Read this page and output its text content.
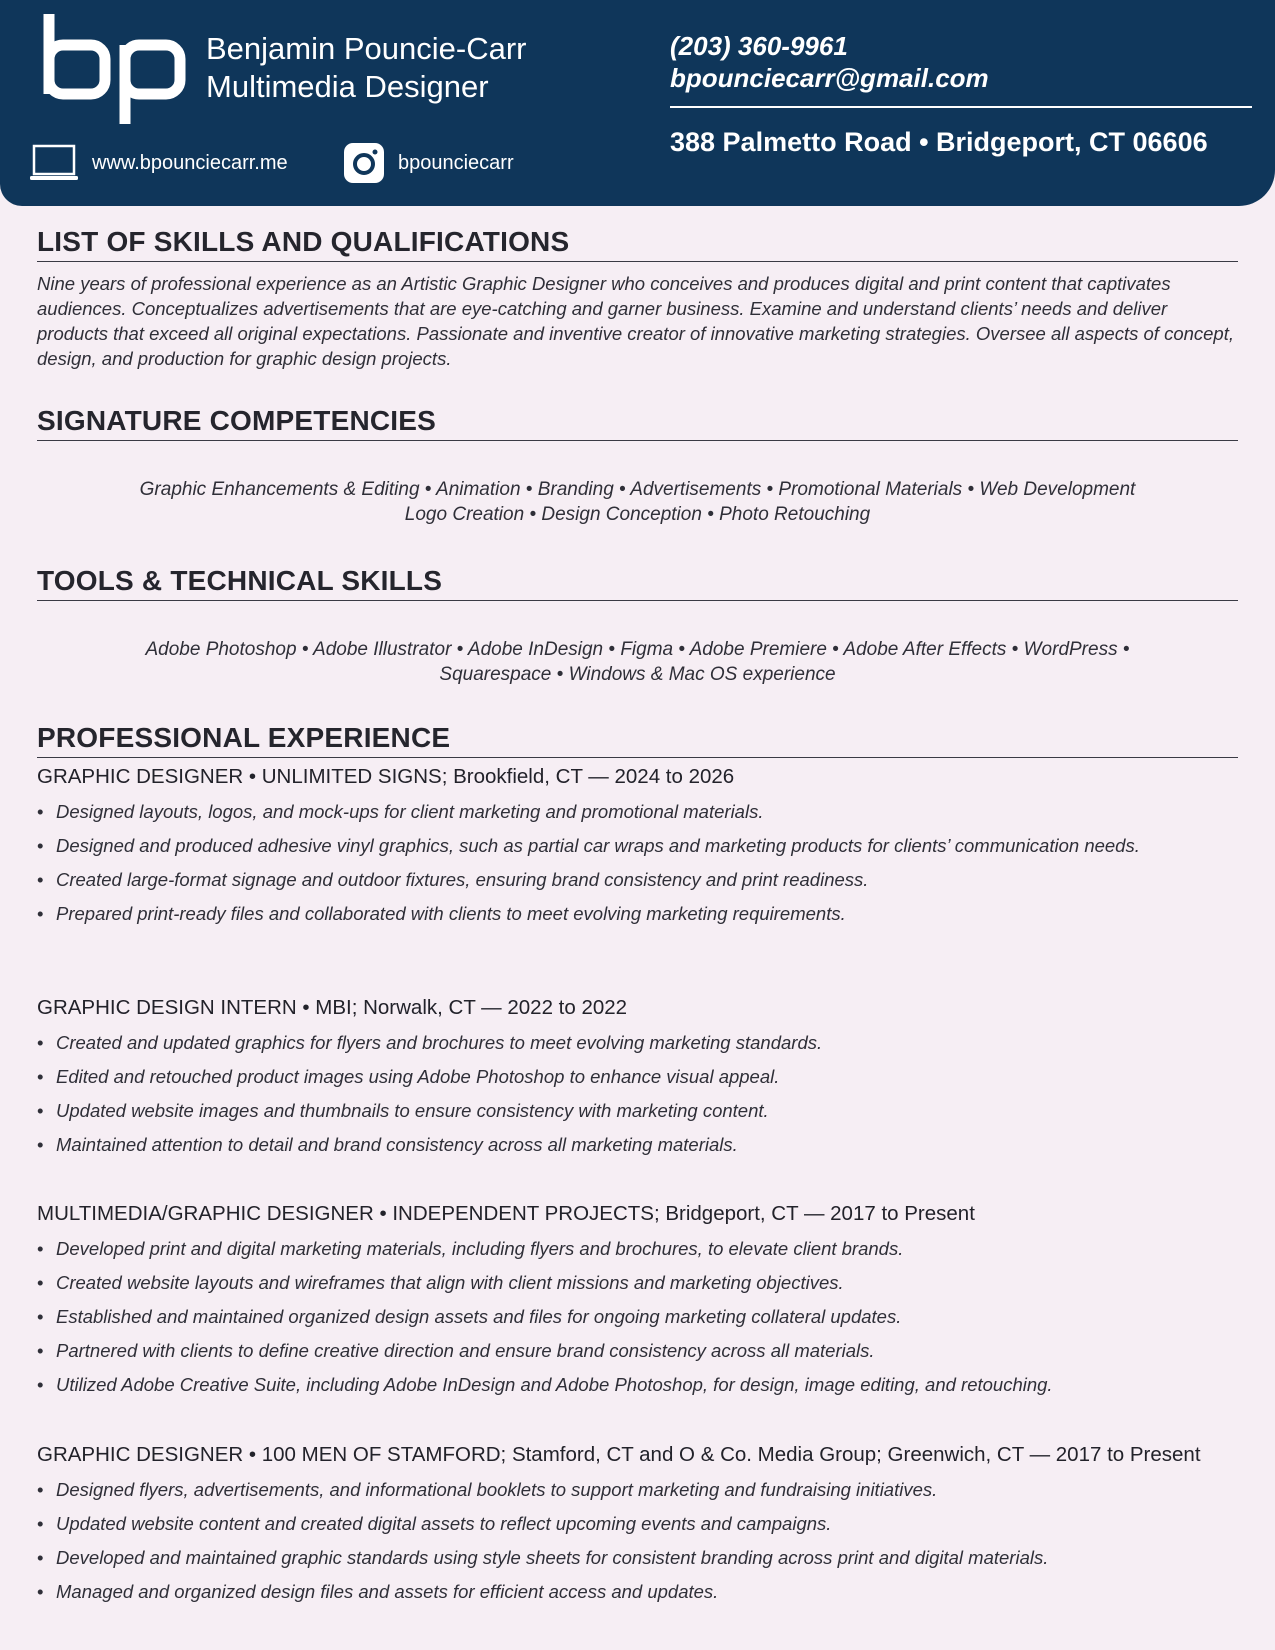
Benjamin Pouncie-Carr
Multimedia Designer
www.bpounciecarr.me	bpounciecarr
(203) 360-9961
bpounciecarr@gmail.com
388 Palmetto Road • Bridgeport, CT 06606
LIST OF SKILLS AND QUALIFICATIONS

Nine years of professional experience as an Artistic Graphic Designer who conceives and produces digital and print content that captivates audiences. Conceptualizes advertisements that are eye-catching and garner business. Examine and understand clients’ needs and deliver products that exceed all original expectations. Passionate and inventive creator of innovative marketing strategies. Oversee all aspects of concept, design, and production for graphic design projects.

SIGNATURE COMPETENCIES
Graphic Enhancements & Editing • Animation • Branding • Advertisements • Promotional Materials • Web Development
Logo Creation • Design Conception • Photo Retouching
TOOLS & TECHNICAL SKILLS
Adobe Photoshop • Adobe Illustrator • Adobe InDesign • Figma • Adobe Premiere • Adobe After Effects • WordPress •
Squarespace • Windows & Mac OS experience
PROFESSIONAL EXPERIENCE
GRAPHIC DESIGNER • UNLIMITED SIGNS; Brookfield, CT — 2024 to 2026
• Designed layouts, logos, and mock-ups for client marketing and promotional materials.
• Designed and produced adhesive vinyl graphics, such as partial car wraps and marketing products for clients’ communication needs.
• Created large-format signage and outdoor fixtures, ensuring brand consistency and print readiness.
• Prepared print-ready files and collaborated with clients to meet evolving marketing requirements.
GRAPHIC DESIGN INTERN • MBI; Norwalk, CT — 2022 to 2022
• Created and updated graphics for flyers and brochures to meet evolving marketing standards.
• Edited and retouched product images using Adobe Photoshop to enhance visual appeal.
• Updated website images and thumbnails to ensure consistency with marketing content.
• Maintained attention to detail and brand consistency across all marketing materials.
MULTIMEDIA/GRAPHIC DESIGNER • INDEPENDENT PROJECTS; Bridgeport, CT — 2017 to Present
• Developed print and digital marketing materials, including flyers and brochures, to elevate client brands.
• Created website layouts and wireframes that align with client missions and marketing objectives.
• Established and maintained organized design assets and files for ongoing marketing collateral updates.
• Partnered with clients to define creative direction and ensure brand consistency across all materials.
• Utilized Adobe Creative Suite, including Adobe InDesign and Adobe Photoshop, for design, image editing, and retouching.
GRAPHIC DESIGNER • 100 MEN OF STAMFORD; Stamford, CT and O & Co. Media Group; Greenwich, CT — 2017 to Present
• Designed flyers, advertisements, and informational booklets to support marketing and fundraising initiatives.
• Updated website content and created digital assets to reflect upcoming events and campaigns.
• Developed and maintained graphic standards using style sheets for consistent branding across print and digital materials.
• Managed and organized design files and assets for efficient access and updates.
